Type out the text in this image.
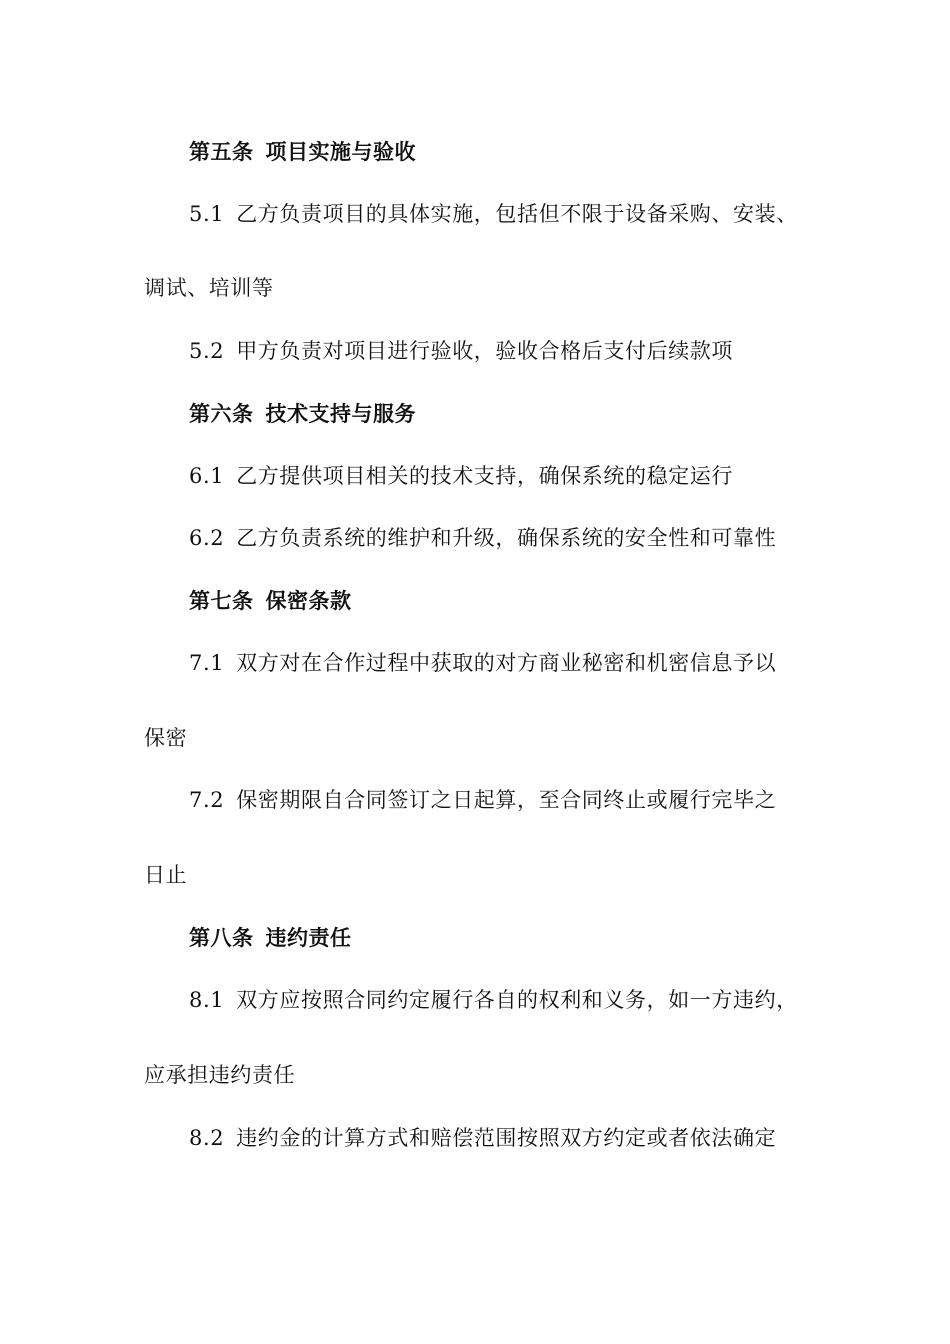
第五条 项目实施与验收
5.1 乙方负责项目的具体实施，包括但不限于设备采购、安装、
调试、培训等
5.2 甲方负责对项目进行验收，验收合格后支付后续款项
第六条 技术支持与服务
6.1 乙方提供项目相关的技术支持，确保系统的稳定运行
6.2 乙方负责系统的维护和升级，确保系统的安全性和可靠性
第七条 保密条款
7.1 双方对在合作过程中获取的对方商业秘密和机密信息予以
保密
7.2 保密期限自合同签订之日起算，至合同终止或履行完毕之
日止
第八条 违约责任
8.1 双方应按照合同约定履行各自的权利和义务，如一方违约，
应承担违约责任
8.2 违约金的计算方式和赔偿范围按照双方约定或者依法确定
